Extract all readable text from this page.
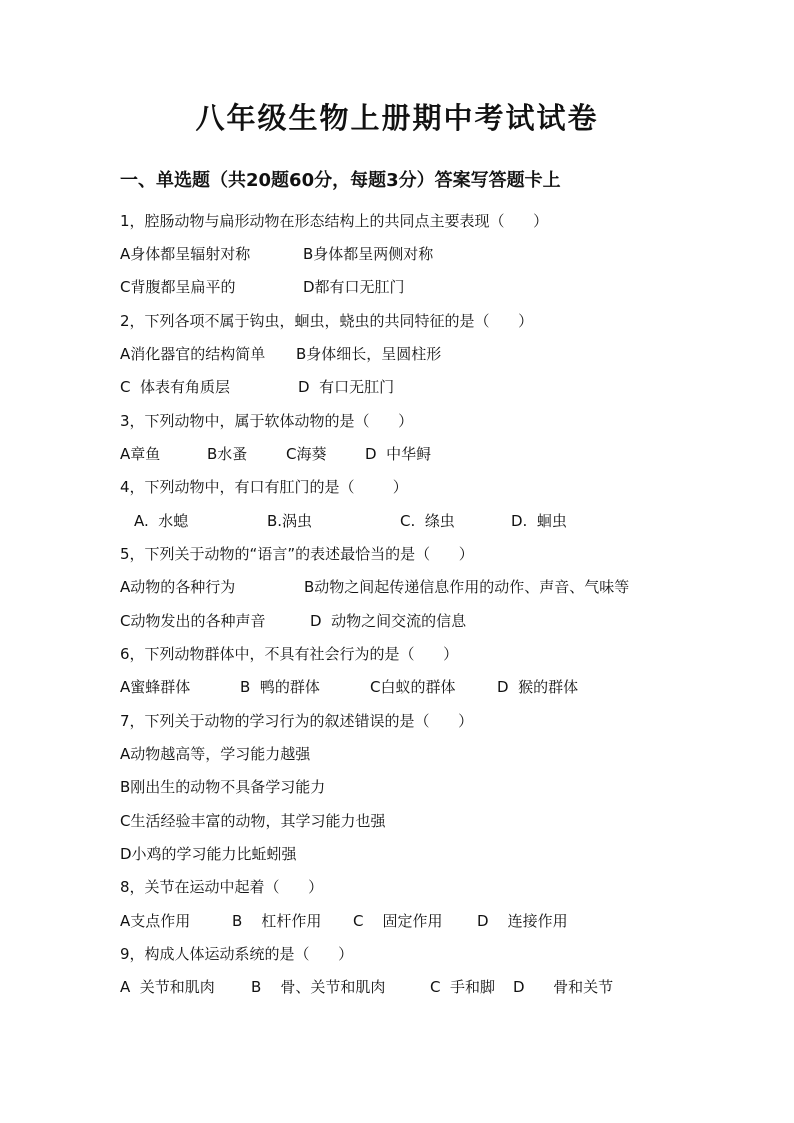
八年级生物上册期中考试试卷
一、单选题（共20题60分，每题3分）答案写答题卡上
1，腔肠动物与扁形动物在形态结构上的共同点主要表现（      ）
A身体都呈辐射对称	B身体都呈两侧对称
C背腹都呈扁平的	D都有口无肛门
2，下列各项不属于钩虫，蛔虫，蛲虫的共同特征的是（      ）
A消化器官的结构简单 B身体细长，呈圆柱形
C  体表有角质层	D  有口无肛门
3，下列动物中，属于软体动物的是（      ）
A章鱼	B水蚤	C海葵	D  中华鲟
4，下列动物中，有口有肛门的是（        ）
A.  水螅	B.涡虫	C.  绦虫	D.  蛔虫
5，下列关于动物的“语言”的表述最恰当的是（      ）
A动物的各种行为	B动物之间起传递信息作用的动作、声音、气味等
C动物发出的各种声音	D  动物之间交流的信息
6，下列动物群体中，不具有社会行为的是（      ）
A蜜蜂群体	B  鸭的群体	C白蚁的群体	D  猴的群体
7，下列关于动物的学习行为的叙述错误的是（      ）
A动物越高等，学习能力越强
B刚出生的动物不具备学习能力
C生活经验丰富的动物，其学习能力也强
D小鸡的学习能力比蚯蚓强
8，关节在运动中起着（      ）
A支点作用	B    杠杆作用 C    固定作用 D    连接作用
9，构成人体运动系统的是（      ）
A  关节和肌肉 B    骨、关节和肌肉	C  手和脚 D      骨和关节
